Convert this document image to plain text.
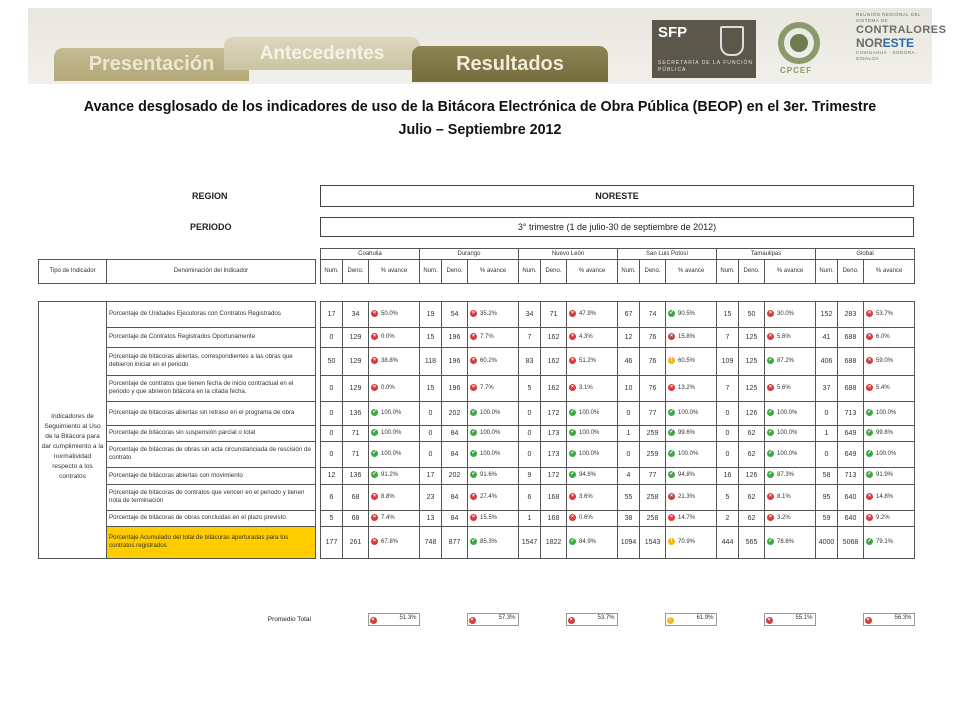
Presentación	Antecedentes	Resultados
SFP
SECRETARÍA DE LA FUNCIÓN PÚBLICA	CPCEF
REUNIÓN REGIONAL DEL SISTEMA DE
CONTRALORES
NORESTE
CHIHUAHUA · SONORA · SINALOA
Avance desglosado de los indicadores de uso de la Bitácora Electrónica de Obra Pública (BEOP) en el 3er. Trimestre
Julio – Septiembre 2012
REGION	NORESTE
PERIODO	3° trimestre (1 de julio-30 de septiembre de 2012)
			Coahuila			Durango			Nuevo León			San Luis Potosí			Tamaulipas			Global		
Tipo de Indicador	Denominación del Indicador		Num.	Deno.	% avance	Num.	Deno.	% avance	Num.	Deno.	% avance	Num.	Deno.	% avance	Num.	Deno.	% avance	Num.	Deno.	% avance

Indicadores de Seguimiento al Uso de la Bitácora para dar cumplimiento a la normatividad respecto a los contratos	Porcentaje de Unidades Ejecutoras con Contratos Registrados		17	34	× 50.0%	19	54	× 35.2%	34	71	× 47.9%	67	74	✓ 90.5%	15	50	× 30.0%	152	283	× 53.7%
	Porcentaje de Contratos Registrados Oportunamente		0	129	× 0.0%	15	196	× 7.7%	7	162	× 4.3%	12	76	× 15.8%	7	125	× 5.6%	41	688	× 6.0%
	Porcentaje de bitácoras abiertas, correspondientes a las obras que debieron iniciar en el periodo		50	129	× 38.8%	118	196	× 60.2%	83	162	× 51.2%	46	76	! 60.5%	109	125	✓ 87.2%	406	688	× 59.0%
	Porcentaje de contratos que tienen fecha de inicio contractual en el periodo y que abrieron bitácora en la citada fecha.		0	129	× 0.0%	15	196	× 7.7%	5	162	× 3.1%	10	76	× 13.2%	7	125	× 5.6%	37	688	× 5.4%
	Porcentaje de bitácoras abiertas sin retraso en el programa de obra		0	136	✓ 100.0%	0	202	✓ 100.0%	0	172	✓ 100.0%	0	77	✓ 100.0%	0	126	✓ 100.0%	0	713	✓ 100.0%
	Porcentaje de bitácoras sin suspensión parcial o total		0	71	✓ 100.0%	0	84	✓ 100.0%	0	173	✓ 100.0%	1	259	✓ 99.6%	0	62	✓ 100.0%	1	649	✓ 99.8%
	Porcentaje de bitácoras de obras sin acta circunstanciada de rescisión de contrato		0	71	✓ 100.0%	0	84	✓ 100.0%	0	173	✓ 100.0%	0	259	✓ 100.0%	0	62	✓ 100.0%	0	649	✓ 100.0%
	Porcentaje de bitácoras abiertas con movimiento		12	136	✓ 91.2%	17	202	✓ 91.6%	9	172	✓ 94.8%	4	77	✓ 94.8%	16	126	✓ 87.3%	58	713	✓ 91.9%
	Porcentaje de bitácoras de contratos que vencen en el periodo y tienen nota de terminación		6	68	× 8.8%	23	84	× 27.4%	6	168	× 3.6%	55	258	× 21.3%	5	62	× 8.1%	95	640	× 14.8%
	Porcentaje de bitácoras de obras concluidas en el plazo previsto		5	68	× 7.4%	13	84	× 15.5%	1	168	× 0.6%	38	258	× 14.7%	2	62	× 3.2%	59	640	× 9.2%
	Porcentaje Acumulado del total de bitácoras aperturadas para los contratos registrados		177	261	× 67.8%	748	877	✓ 85.3%	1547	1822	✓ 84.9%	1094	1543	! 70.9%	444	565	✓ 78.6%	4000	5068	✓ 79.1%
	Promedio Total				×	51.3%			×	57.3%			×	53.7%			!	61.9%			×	55.1%			×	56.3%
